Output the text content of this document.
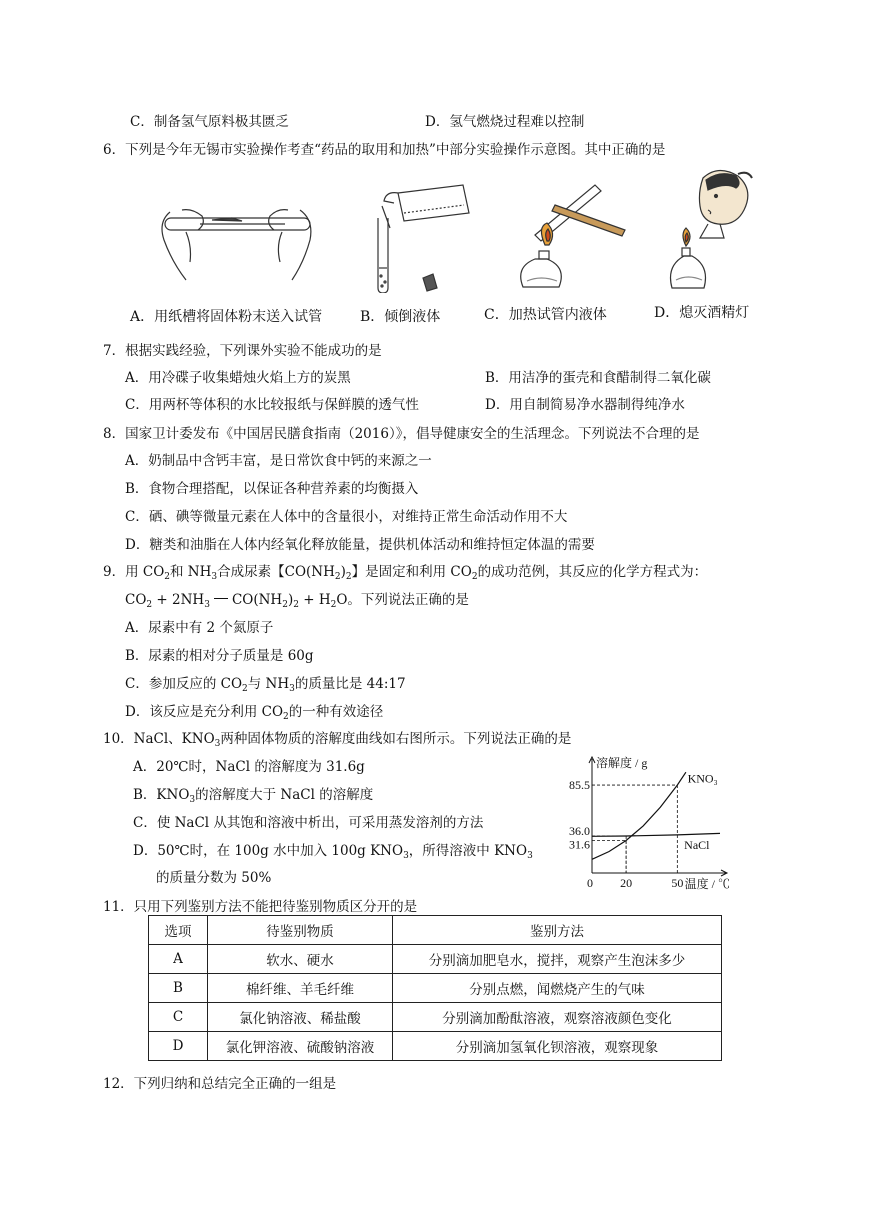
C．制备氢气原料极其匮乏	D．氢气燃烧过程难以控制
6．下列是今年无锡市实验操作考查“药品的取用和加热”中部分实验操作示意图。其中正确的是
A．用纸槽将固体粉末送入试管	B．倾倒液体	C．加热试管内液体	D．熄灭酒精灯
7．根据实践经验，下列课外实验不能成功的是
A．用冷碟子收集蜡烛火焰上方的炭黑	B．用洁净的蛋壳和食醋制得二氧化碳
C．用两杯等体积的水比较报纸与保鲜膜的透气性	D．用自制简易净水器制得纯净水
8．国家卫计委发布《中国居民膳食指南（2016）》，倡导健康安全的生活理念。下列说法不合理的是
A．奶制品中含钙丰富，是日常饮食中钙的来源之一
B．食物合理搭配，以保证各种营养素的均衡摄入
C．硒、碘等微量元素在人体中的含量很小，对维持正常生命活动作用不大
D．糖类和油脂在人体内经氧化释放能量，提供机体活动和维持恒定体温的需要
9．用 $CO_2$和 $NH_3$合成尿素【$CO(NH_2)_2$】是固定和利用 $CO_2$的成功范例，其反应的化学方程式为：
$CO_2 + 2NH_3$ $CO(NH_2)_2 + H_2O$。下列说法正确的是
A．尿素中有 2 个氮原子
B．尿素的相对分子质量是 60g
C．参加反应的 $CO_2$与 $NH_3$的质量比是 44:17
D．该反应是充分利用 $CO_2$的一种有效途径
10．NaCl、$KNO_3$两种固体物质的溶解度曲线如右图所示。下列说法正确的是
A．20℃时，NaCl 的溶解度为 31.6g
B．$KNO_3$的溶解度大于 NaCl 的溶解度
C．使 NaCl 从其饱和溶液中析出，可采用蒸发溶剂的方法
D．50℃时，在 100g 水中加入 100g $KNO_3$，所得溶液中 $KNO_3$
的质量分数为 50%
31.6
36.0
85.5
0 20	50
KNO₃
NaCl
溶解度 / g
温度 / ℃
11．只用下列鉴别方法不能把待鉴别物质区分开的是
选项	待鉴别物质	鉴别方法
A	软水、硬水	分别滴加肥皂水，搅拌，观察产生泡沫多少
B	棉纤维、羊毛纤维	分别点燃，闻燃烧产生的气味
C	氯化钠溶液、稀盐酸	分别滴加酚酞溶液，观察溶液颜色变化
D	氯化钾溶液、硫酸钠溶液	分别滴加氢氧化钡溶液，观察现象
12．下列归纳和总结完全正确的一组是
